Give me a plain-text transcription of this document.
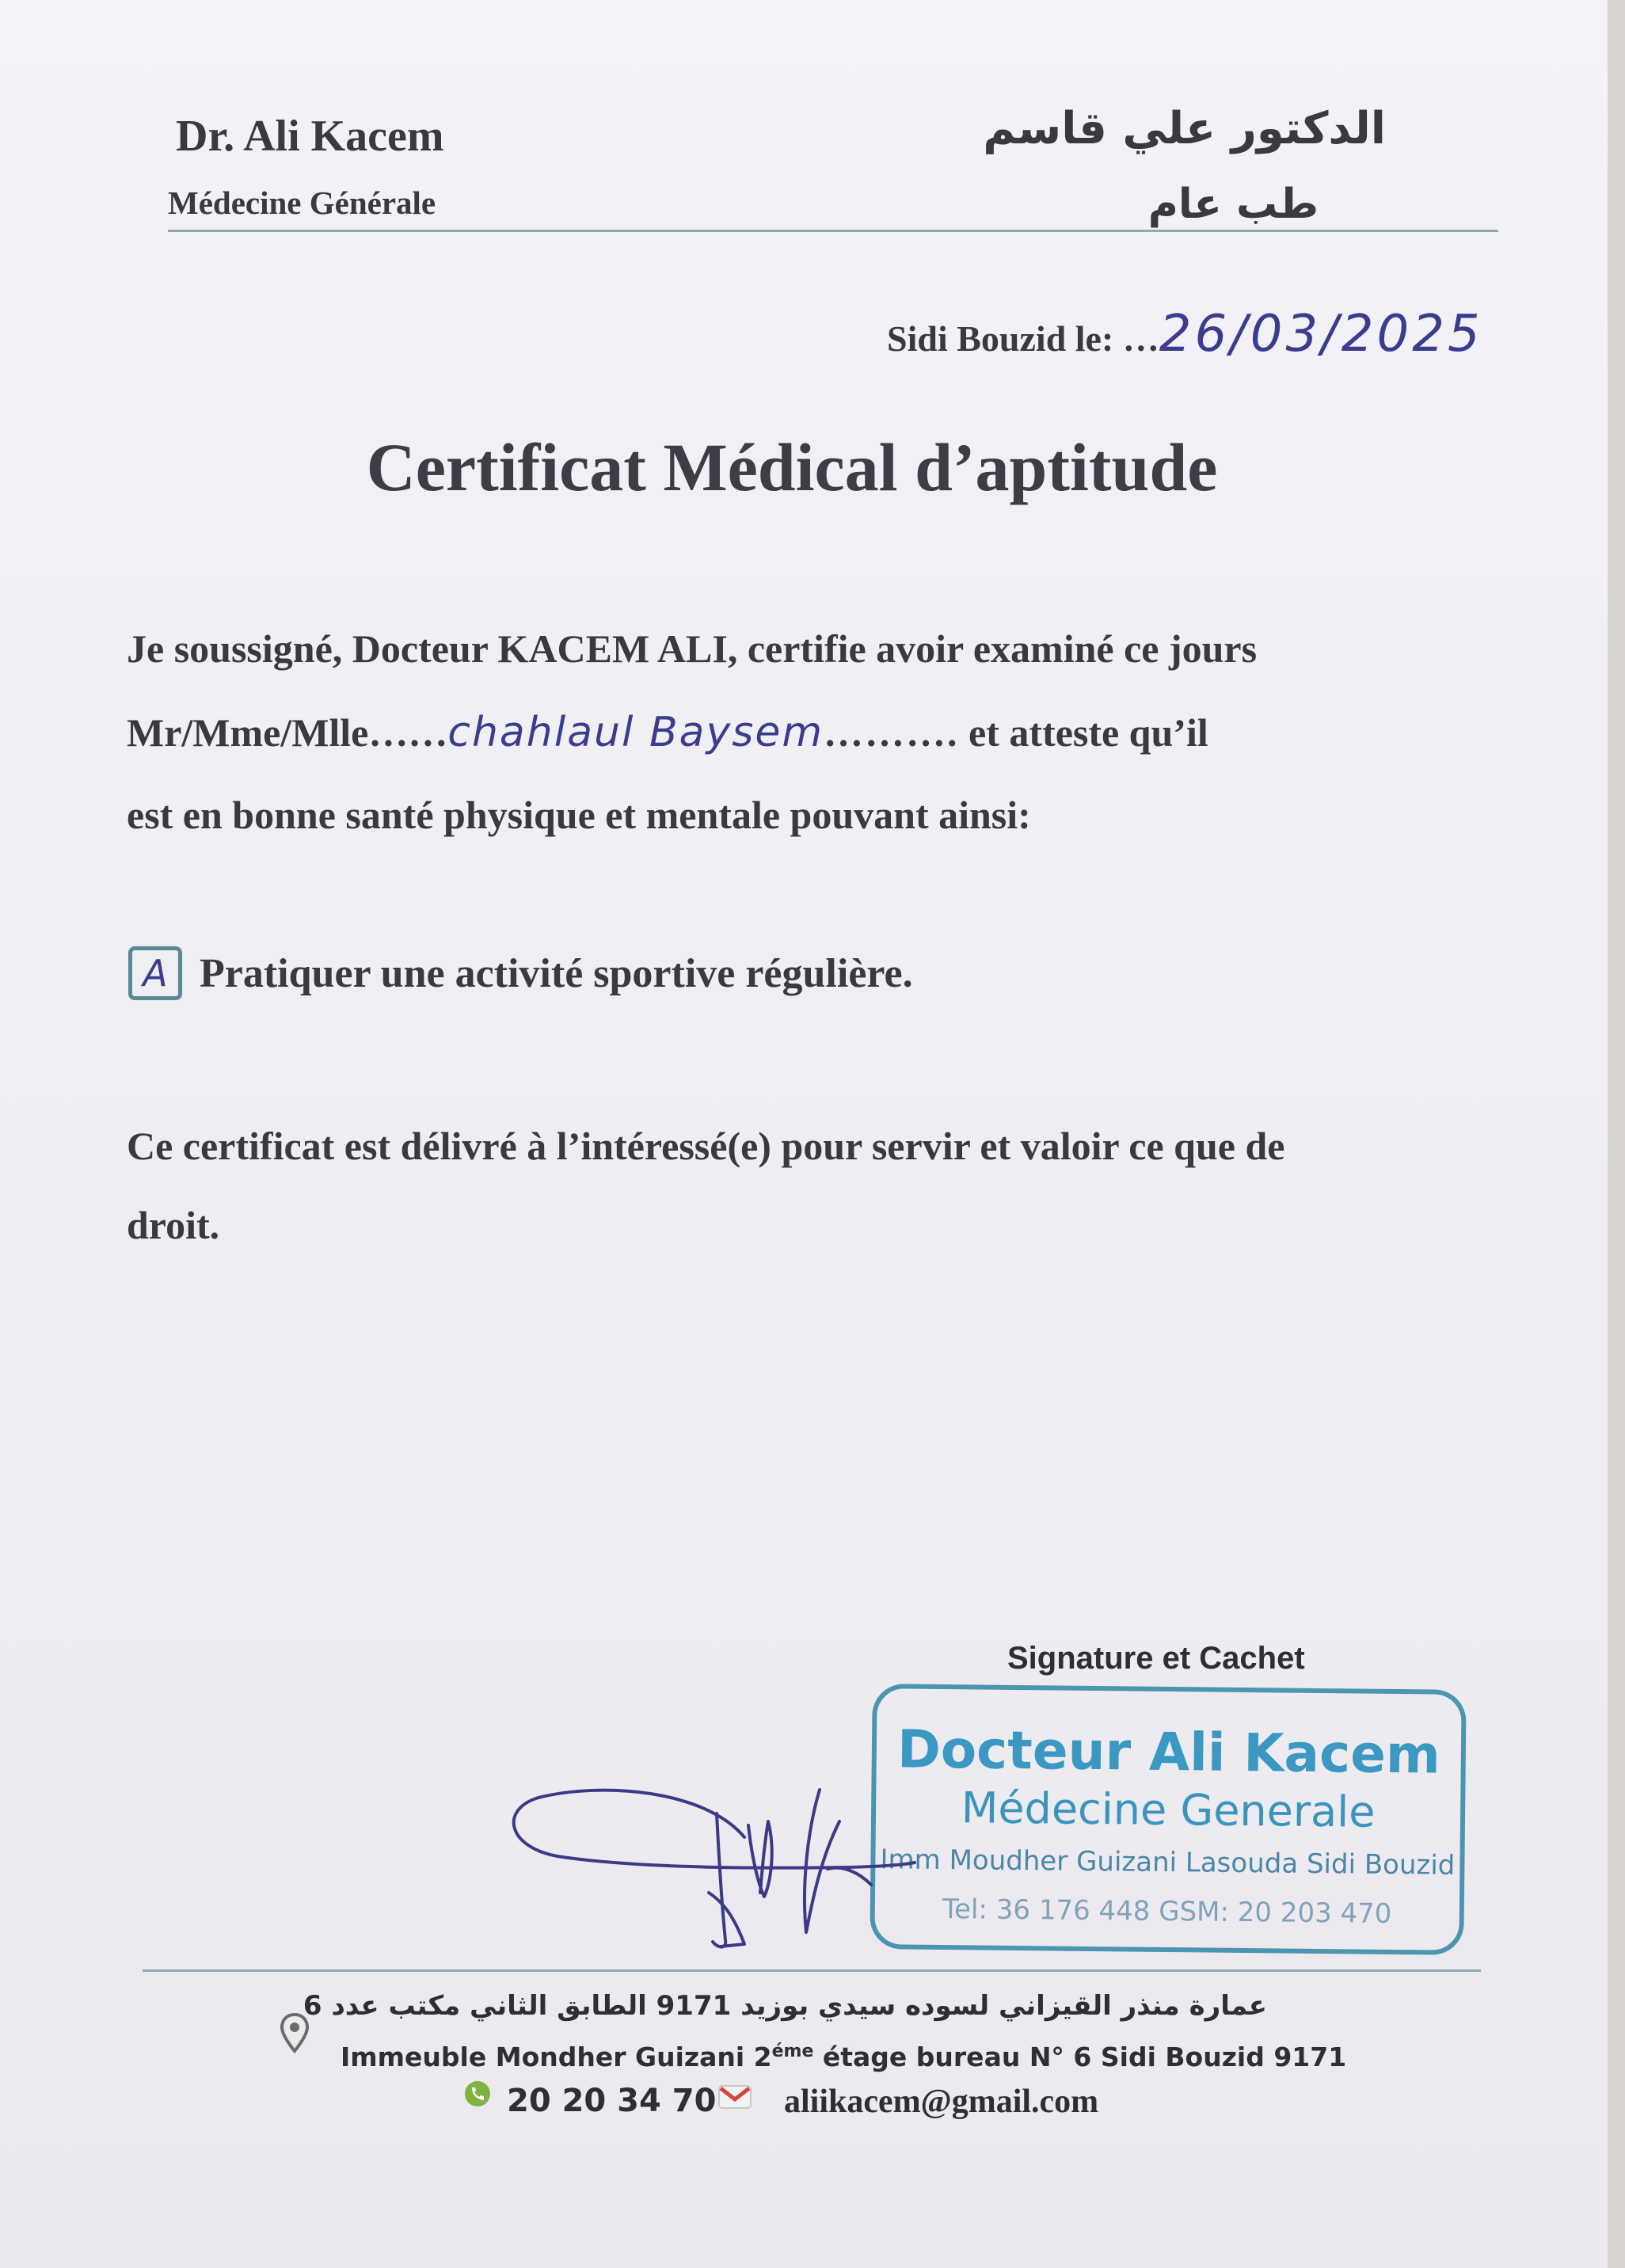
Dr. Ali Kacem
Médecine Générale
الدكتور علي قاسم
طب عام
Sidi Bouzid le: …26/03/2025
Certificat Médical d’aptitude
Je soussigné, Docteur KACEM ALI, certifie avoir examiné ce jours
Mr/Mme/Mlle……chahlaul Baysem………. et atteste qu’il
est en bonne santé physique et mentale pouvant ainsi:
A Pratiquer une activité sportive régulière.
Ce certificat est délivré à l’intéressé(e) pour servir et valoir ce que de
droit.
Signature et Cachet
Docteur Ali Kacem
Médecine Generale
Imm Moudher Guizani Lasouda Sidi Bouzid
Tel: 36 176 448 GSM: 20 203 470
عمارة منذر القيزاني لسوده سيدي بوزيد 9171 الطابق الثاني مكتب عدد 6
Immeuble Mondher Guizani $2^{éme}$ étage bureau N° 6 Sidi Bouzid 9171
20 20 34 70 aliikacem@gmail.com
